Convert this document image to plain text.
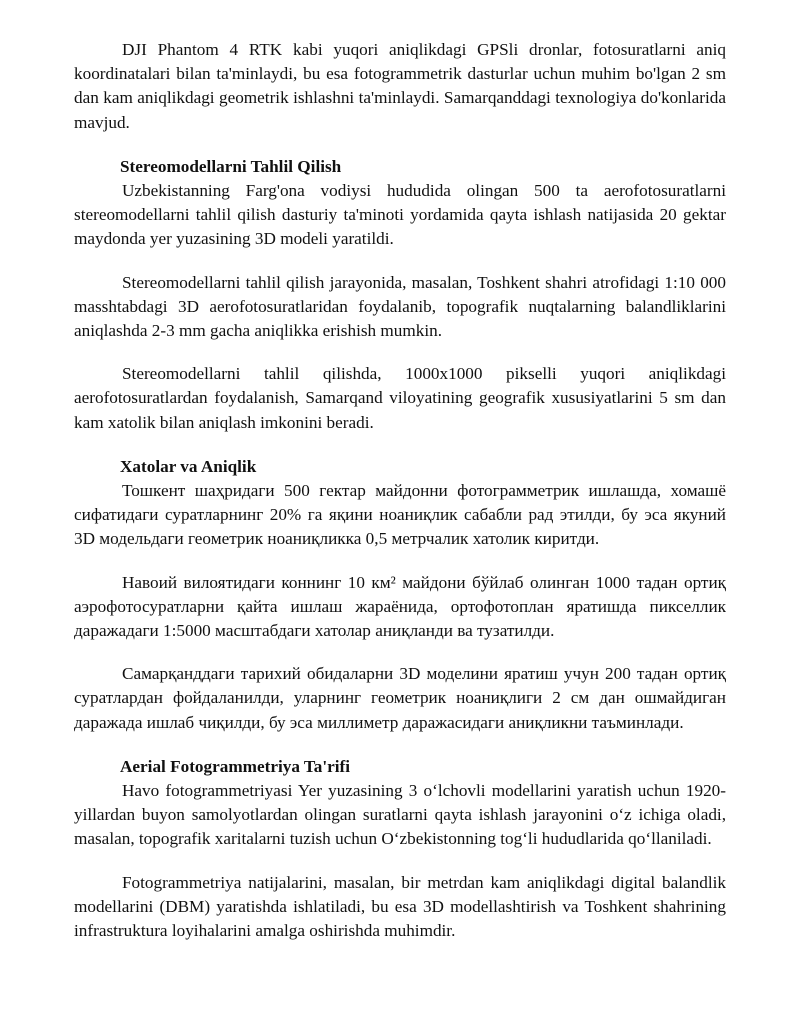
DJI Phantom 4 RTK kabi yuqori aniqlikdagi GPSli dronlar, fotosuratlarni aniq koordinatalari bilan ta'minlaydi, bu esa fotogrammetrik dasturlar uchun muhim bo'lgan 2 sm dan kam aniqlikdagi geometrik ishlashni ta'minlaydi. Samarqanddagi texnologiya do'konlarida mavjud.

Stereomodellarni Tahlil Qilish

Uzbekistanning Farg'ona vodiysi hududida olingan 500 ta aerofotosuratlarni stereomodellarni tahlil qilish dasturiy ta'minoti yordamida qayta ishlash natijasida 20 gektar maydonda yer yuzasining 3D modeli yaratildi.

Stereomodellarni tahlil qilish jarayonida, masalan, Toshkent shahri atrofidagi 1:10 000 masshtabdagi 3D aerofotosuratlaridan foydalanib, topografik nuqtalarning balandliklarini aniqlashda 2-3 mm gacha aniqlikka erishish mumkin.

Stereomodellarni tahlil qilishda, 1000x1000 pikselli yuqori aniqlikdagi aerofotosuratlardan foydalanish, Samarqand viloyatining geografik xususiyatlarini 5 sm dan kam xatolik bilan aniqlash imkonini beradi.

Xatolar va Aniqlik

Тошкент шаҳридаги 500 гектар майдонни фотограмметрик ишлашда, хомашё сифатидаги суратларнинг 20% га яқини ноаниқлик сабабли рад этилди, бу эса якуний 3D модельдаги геометрик ноаниқликка 0,5 метрчалик хатолик киритди.

Навоий вилоятидаги коннинг 10 км² майдони бўйлаб олинган 1000 тадан ортиқ аэрофотосуратларни қайта ишлаш жараёнида, ортофотоплан яратишда пикселлик даражадаги 1:5000 масштабдаги хатолар аниқланди ва тузатилди.

Самарқанддаги тарихий обидаларни 3D моделини яратиш учун 200 тадан ортиқ суратлардан фойдаланилди, уларнинг геометрик ноаниқлиги 2 см дан ошмайдиган даражада ишлаб чиқилди, бу эса миллиметр даражасидаги аниқликни таъминлади.

Aerial Fotogrammetriya Ta'rifi

Havo fotogrammetriyasi Yer yuzasining 3 o‘lchovli modellarini yaratish uchun 1920-yillardan buyon samolyotlardan olingan suratlarni qayta ishlash jarayonini o‘z ichiga oladi, masalan, topografik xaritalarni tuzish uchun O‘zbekistonning tog‘li hududlarida qo‘llaniladi.

Fotogrammetriya natijalarini, masalan, bir metrdan kam aniqlikdagi digital balandlik modellarini (DBM) yaratishda ishlatiladi, bu esa 3D modellashtirish va Toshkent shahrining infrastruktura loyihalarini amalga oshirishda muhimdir.
